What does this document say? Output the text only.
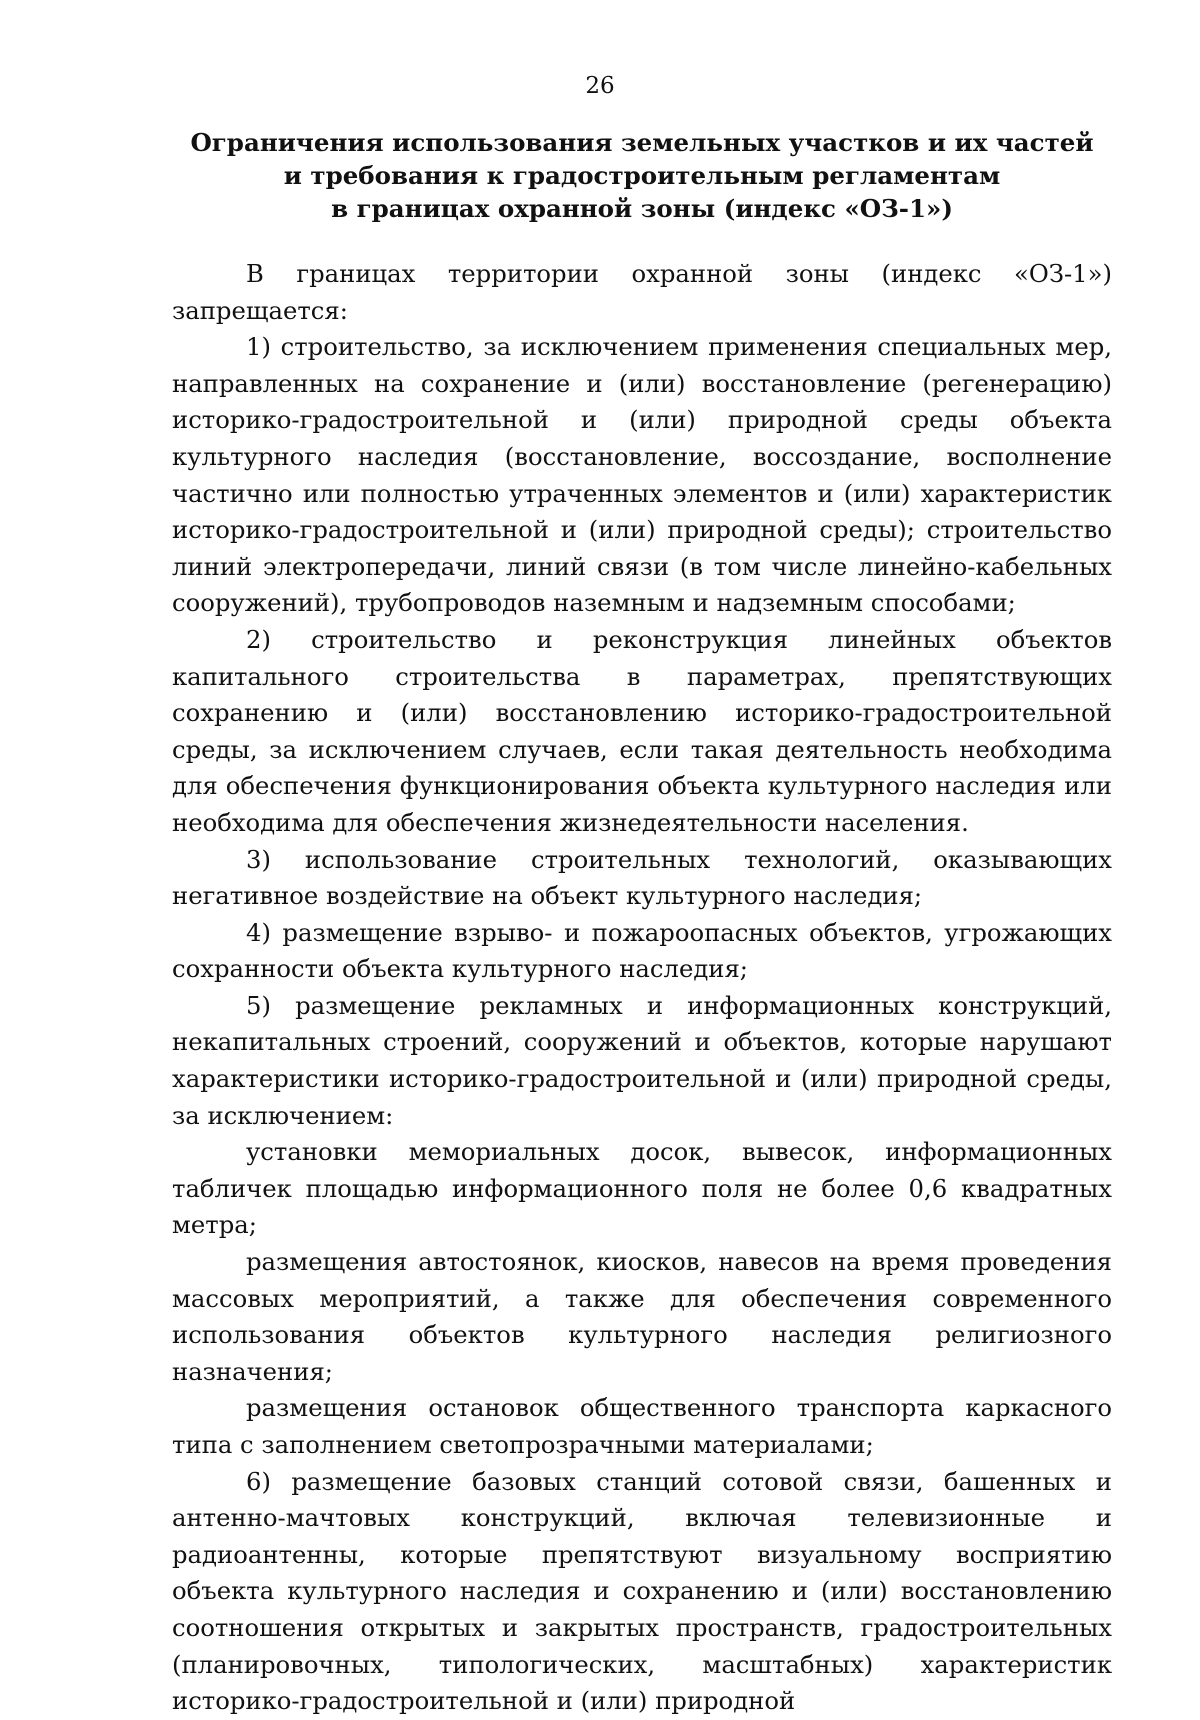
26
Ограничения использования земельных участков и их частей
и требования к градостроительным регламентам
в границах охранной зоны (индекс «ОЗ-1»)

В границах территории охранной зоны (индекс «ОЗ-1») запрещается:

1) строительство, за исключением применения специальных мер, направленных на сохранение и (или) восстановление (регенерацию) историко-градостроительной и (или) природной среды объекта культурного наследия (восстановление, воссоздание, восполнение частично или полностью утраченных элементов и (или) характеристик историко-градостроительной и (или) природной среды); строительство линий электропередачи, линий связи (в том числе линейно-кабельных сооружений), трубопроводов наземным и надземным способами;

2) строительство и реконструкция линейных объектов капитального строительства в параметрах, препятствующих сохранению и (или) восстановлению историко-градостроительной среды, за исключением случаев, если такая деятельность необходима для обеспечения функционирования объекта культурного наследия или необходима для обеспечения жизнедеятельности населения.

3) использование строительных технологий, оказывающих негативное воздействие на объект культурного наследия;

4) размещение взрыво- и пожароопасных объектов, угрожающих сохранности объекта культурного наследия;

5) размещение рекламных и информационных конструкций, некапитальных строений, сооружений и объектов, которые нарушают характеристики историко-градостроительной и (или) природной среды, за исключением:

установки мемориальных досок, вывесок, информационных табличек площадью информационного поля не более 0,6 квадратных метра;

размещения автостоянок, киосков, навесов на время проведения массовых мероприятий, а также для обеспечения современного использования объектов культурного наследия религиозного назначения;

размещения остановок общественного транспорта каркасного типа с заполнением светопрозрачными материалами;

6) размещение базовых станций сотовой связи, башенных и антенно-мачтовых конструкций, включая телевизионные и радиоантенны, которые препятствуют визуальному восприятию объекта культурного наследия и сохранению и (или) восстановлению соотношения открытых и закрытых пространств, градостроительных (планировочных, типологических, масштабных) характеристик историко-градостроительной и (или) природной
